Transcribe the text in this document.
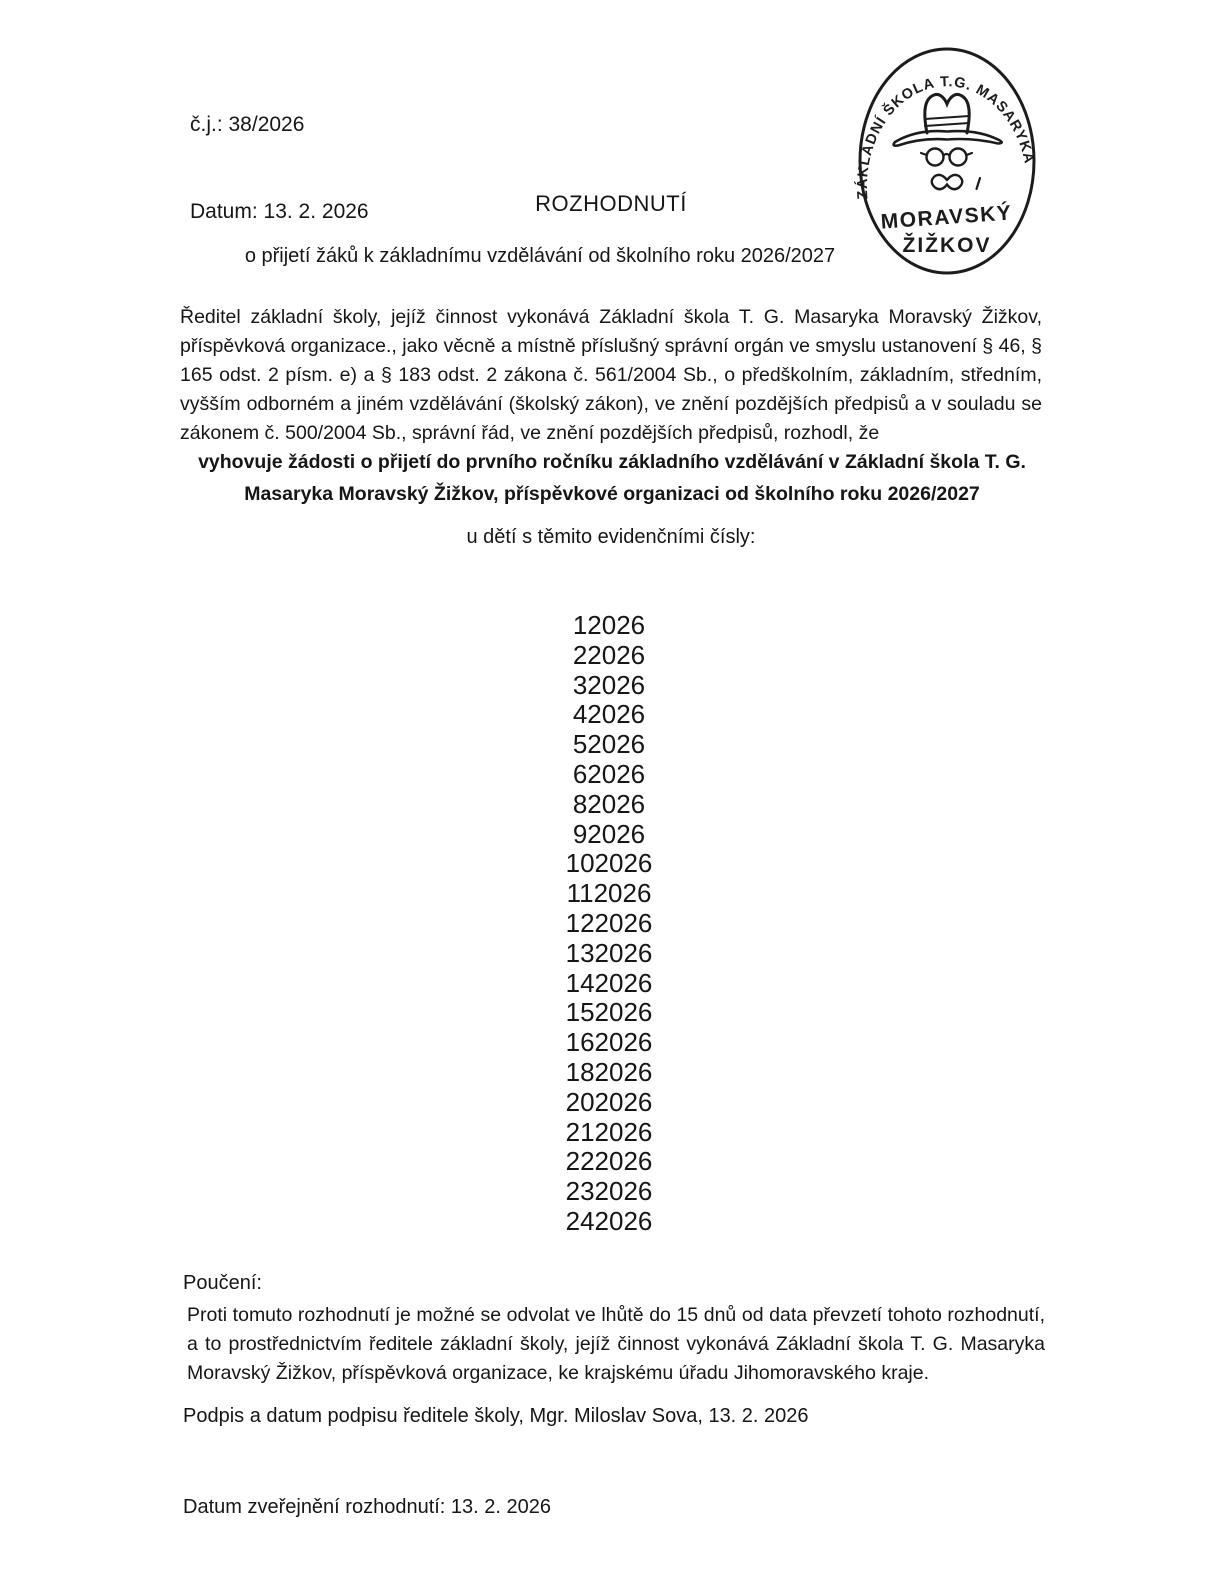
č.j.: 38/2026

Datum: 13. 2. 2026

ZÁKLADNÍ ŠKOLA T.G. MASARYKA
MORAVSKÝ
ŽIŽKOV
ROZHODNUTÍ
o přijetí žáků k základnímu vzdělávání od školního roku 2026/2027
Ředitel základní školy, jejíž činnost vykonává Základní škola T. G. Masaryka Moravský Žižkov, příspěvková organizace., jako věcně a místně příslušný správní orgán ve smyslu ustanovení § 46, § 165 odst. 2 písm. e) a § 183 odst. 2 zákona č. 561/2004 Sb., o předškolním, základním, středním, vyšším odborném a jiném vzdělávání (školský zákon), ve znění pozdějších předpisů a v souladu se zákonem č. 500/2004 Sb., správní řád, ve znění pozdějších předpisů, rozhodl, že
vyhovuje žádosti o přijetí do prvního ročníku základního vzdělávání v Základní škola T. G. Masaryka Moravský Žižkov, příspěvkové organizaci od školního roku 2026/2027
u dětí s těmito evidenčními čísly:
12026
22026
32026
42026
52026
62026
82026
92026
102026
112026
122026
132026
142026
152026
162026
182026
202026
212026
222026
232026
242026
Poučení:
Proti tomuto rozhodnutí je možné se odvolat ve lhůtě do 15 dnů od data převzetí tohoto rozhodnutí, a to prostřednictvím ředitele základní školy, jejíž činnost vykonává Základní škola T. G. Masaryka Moravský Žižkov, příspěvková organizace, ke krajskému úřadu Jihomoravského kraje.
Podpis a datum podpisu ředitele školy, Mgr. Miloslav Sova, 13. 2. 2026
Datum zveřejnění rozhodnutí: 13. 2. 2026
